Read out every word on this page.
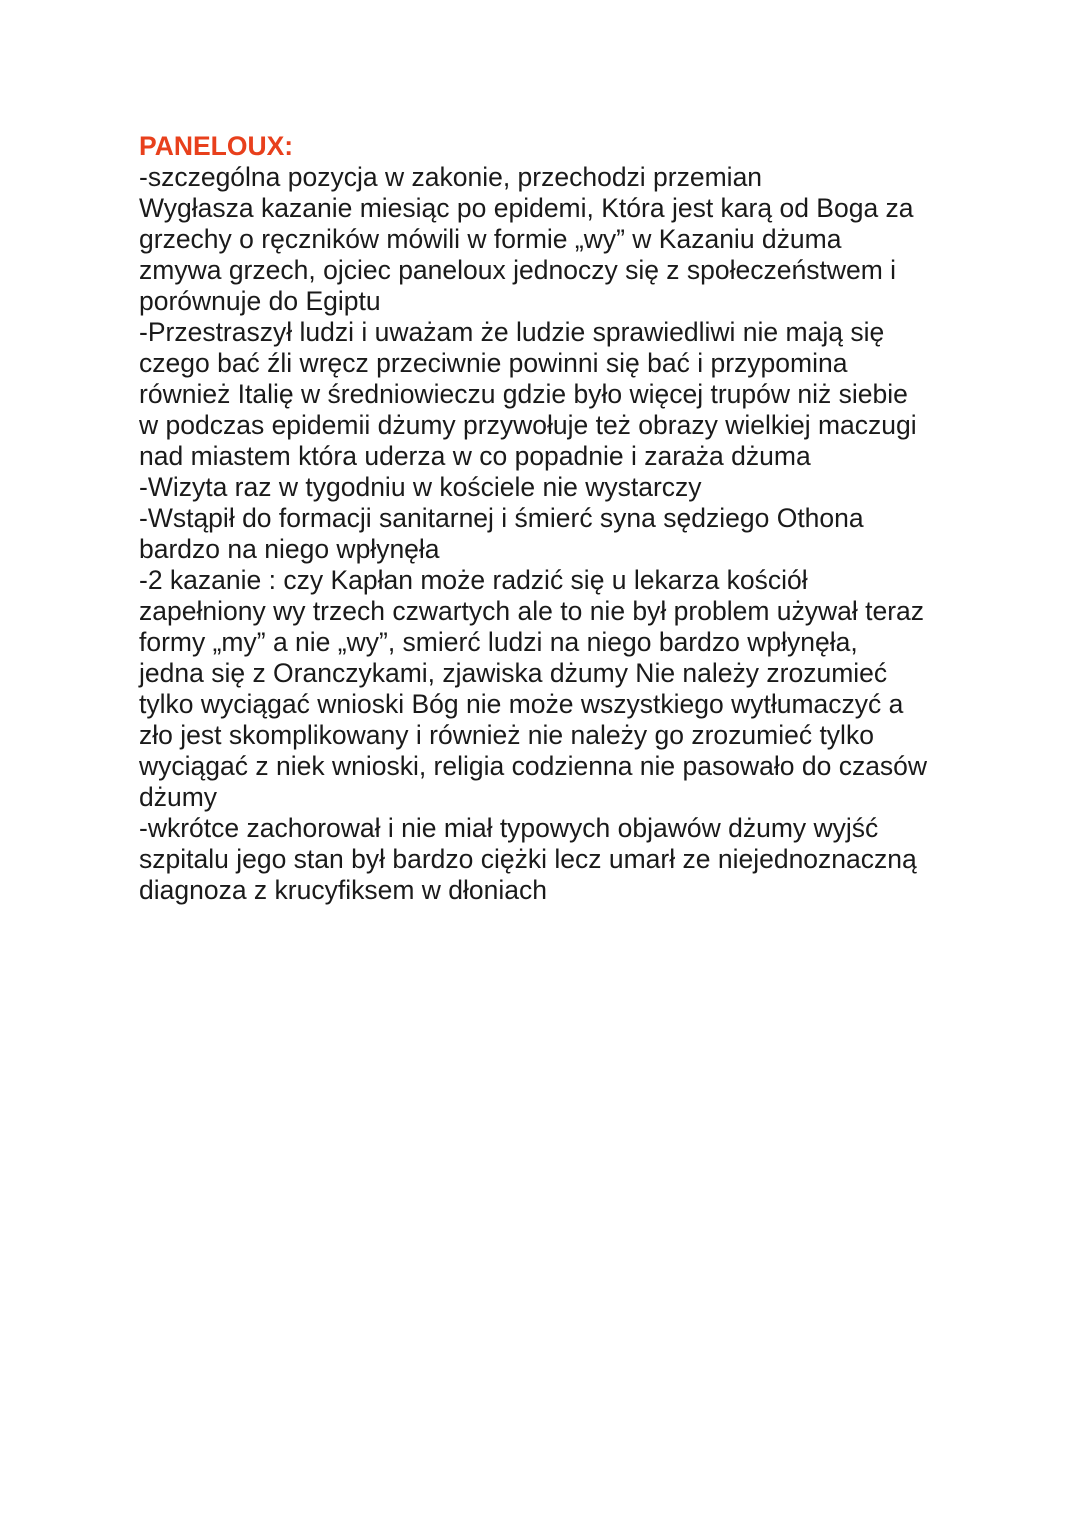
PANELOUX:
-szczególna pozycja w zakonie, przechodzi przemian
Wygłasza kazanie miesiąc po epidemi, Która jest karą od Boga za
grzechy o ręczników mówili w formie „wy” w Kazaniu dżuma
zmywa grzech, ojciec paneloux jednoczy się z społeczeństwem i
porównuje do Egiptu
-Przestraszył ludzi i uważam że ludzie sprawiedliwi nie mają się
czego bać źli wręcz przeciwnie powinni się bać i przypomina
również Italię w średniowieczu gdzie było więcej trupów niż siebie
w podczas epidemii dżumy przywołuje też obrazy wielkiej maczugi
nad miastem która uderza w co popadnie i zaraża dżuma
-Wizyta raz w tygodniu w kościele nie wystarczy
-Wstąpił do formacji sanitarnej i śmierć syna sędziego Othona
bardzo na niego wpłynęła
-2 kazanie : czy Kapłan może radzić się u lekarza kościół
zapełniony wy trzech czwartych ale to nie był problem używał teraz
formy „my” a nie „wy”, smierć ludzi na niego bardzo wpłynęła,
jedna się z Oranczykami, zjawiska dżumy Nie należy zrozumieć
tylko wyciągać wnioski Bóg nie może wszystkiego wytłumaczyć a
zło jest skomplikowany i również nie należy go zrozumieć tylko
wyciągać z niek wnioski, religia codzienna nie pasowało do czasów
dżumy
-wkrótce zachorował i nie miał typowych objawów dżumy wyjść
szpitalu jego stan był bardzo ciężki lecz umarł ze niejednoznaczną
diagnoza z krucyfiksem w dłoniach
